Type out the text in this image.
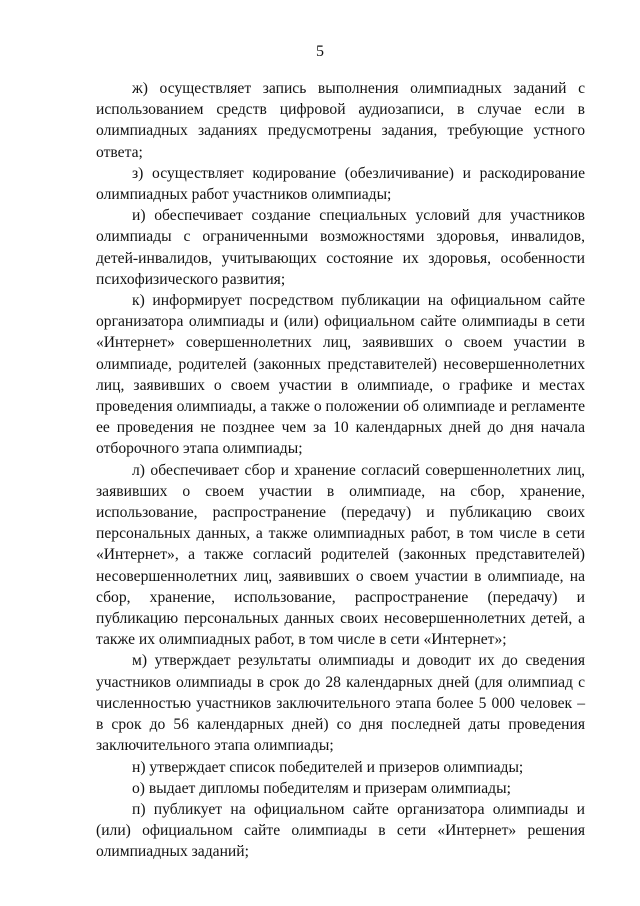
5

ж) осуществляет запись выполнения олимпиадных заданий с использованием средств цифровой аудиозаписи, в случае если в олимпиадных заданиях предусмотрены задания, требующие устного ответа;

з) осуществляет кодирование (обезличивание) и раскодирование олимпиадных работ участников олимпиады;

и) обеспечивает создание специальных условий для участников олимпиады с ограниченными возможностями здоровья, инвалидов, детей-инвалидов, учитывающих состояние их здоровья, особенности психофизического развития;

к) информирует посредством публикации на официальном сайте организатора олимпиады и (или) официальном сайте олимпиады в сети «Интернет» совершеннолетних лиц, заявивших о своем участии в олимпиаде, родителей (законных представителей) несовершеннолетних лиц, заявивших о своем участии в олимпиаде, о графике и местах проведения олимпиады, а также о положении об олимпиаде и регламенте ее проведения не позднее чем за 10 календарных дней до дня начала отборочного этапа олимпиады;

л) обеспечивает сбор и хранение согласий совершеннолетних лиц, заявивших о своем участии в олимпиаде, на сбор, хранение, использование, распространение (передачу) и публикацию своих персональных данных, а также олимпиадных работ, в том числе в сети «Интернет», а также согласий родителей (законных представителей) несовершеннолетних лиц, заявивших о своем участии в олимпиаде, на сбор, хранение, использование, распространение (передачу) и публикацию персональных данных своих несовершеннолетних детей, а также их олимпиадных работ, в том числе в сети «Интернет»;

м) утверждает результаты олимпиады и доводит их до сведения участников олимпиады в срок до 28 календарных дней (для олимпиад с численностью участников заключительного этапа более 5 000 человек – в срок до 56 календарных дней) со дня последней даты проведения заключительного этапа олимпиады;

н) утверждает список победителей и призеров олимпиады;

о) выдает дипломы победителям и призерам олимпиады;

п) публикует на официальном сайте организатора олимпиады и (или) официальном сайте олимпиады в сети «Интернет» решения олимпиадных заданий;
